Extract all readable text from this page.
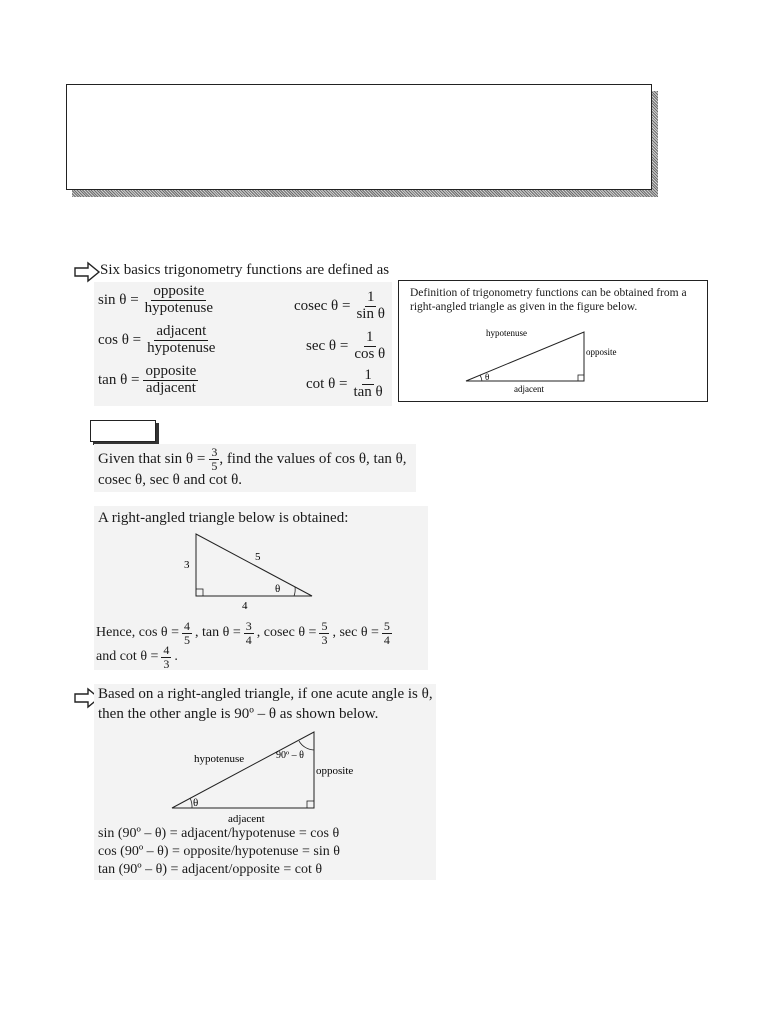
Six basics trigonometry functions are defined as
$\sin \theta = \frac{\text{opposite}}{\text{hypotenuse}}$
$\cos \theta = \frac{\text{adjacent}}{\text{hypotenuse}}$
$\tan \theta = \frac{\text{opposite}}{\text{adjacent}}$
cosec $\theta = \frac{1}{\text{sin θ}}$
$\sec \theta = \frac{1}{\text{cos θ}}$
$\cot \theta = \frac{1}{\text{tan θ}}$
Definition of trigonometry functions can be obtained from a right-angled triangle as given in the figure below.
hypotenuse
opposite
adjacent
θ
Given that $\sin \theta = \frac{3}{5}$ , find the values of cos θ, tan θ,
cosec θ, sec θ and cot θ.
A right-angled triangle below is obtained:
3
5
4
θ
Hence, $\cos \theta = \frac{4}{5}$ , $\tan \theta = \frac{3}{4}$ , cosec $\theta = \frac{5}{3}$ , $\sec \theta = \frac{5}{4}$
and $\cot \theta = \frac{4}{3}$ .
Based on a right-angled triangle, if one acute angle is θ,
then the other angle is 90º – θ as shown below.
hypotenuse	90º – θ
opposite
adjacent
θ
sin (90º – θ) = adjacent/hypotenuse = cos θ
cos (90º – θ) = opposite/hypotenuse = sin θ
tan (90º – θ) = adjacent/opposite = cot θ
